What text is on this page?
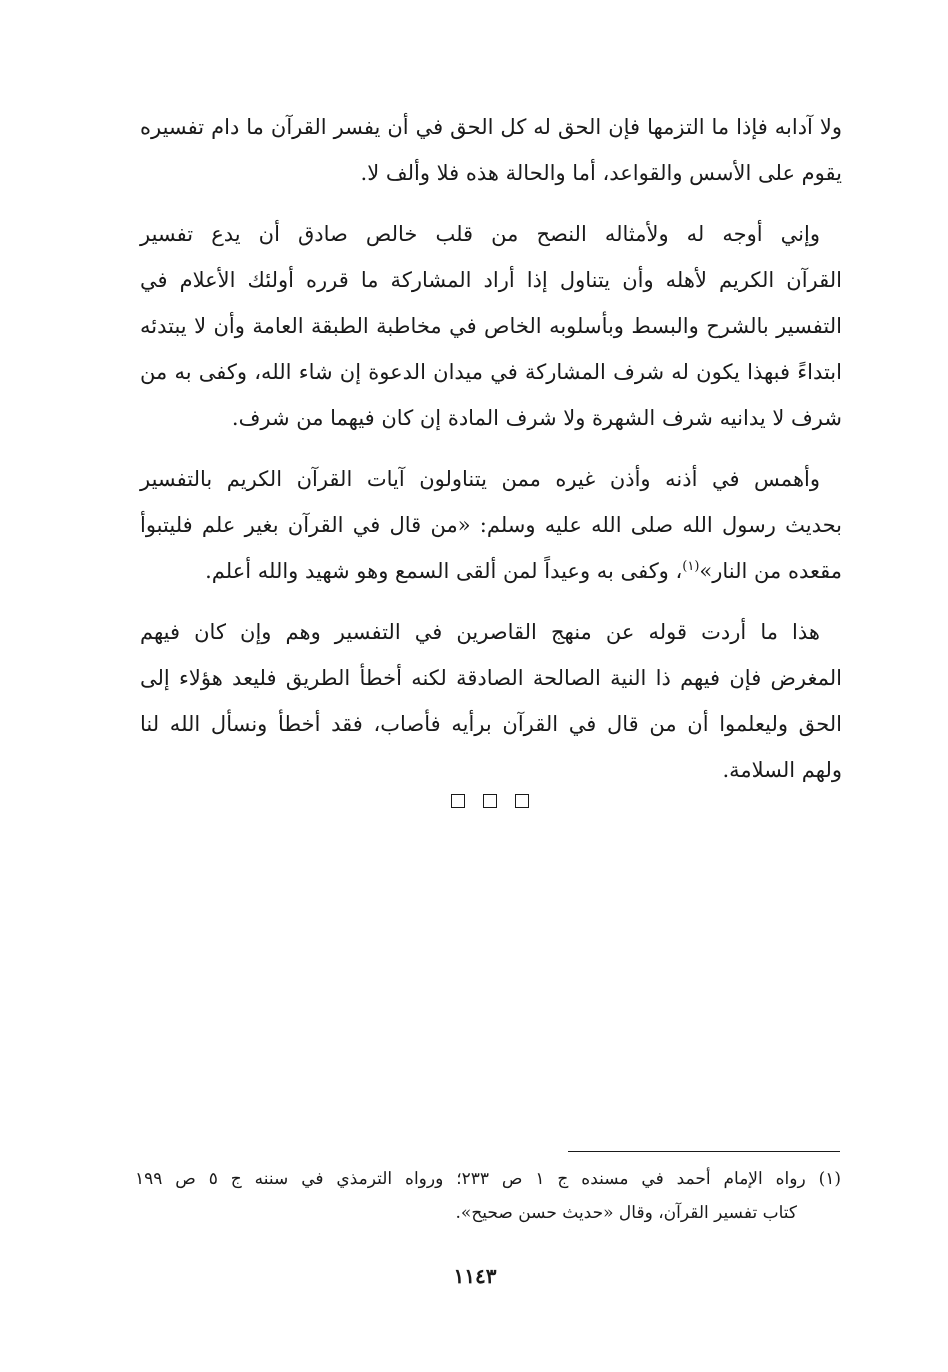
ولا آدابه فإذا ما التزمها فإن الحق له كل الحق في أن يفسر القرآن ما دام تفسيره

يقوم على الأسس والقواعد، أما والحالة هذه فلا وألف لا.

وإني أوجه له ولأمثاله النصح من قلب خالص صادق أن يدع تفسير

القرآن الكريم لأهله وأن يتناول إذا أراد المشاركة ما قرره أولئك الأعلام في

التفسير بالشرح والبسط وبأسلوبه الخاص في مخاطبة الطبقة العامة وأن لا يبتدئه

ابتداءً فبهذا يكون له شرف المشاركة في ميدان الدعوة إن شاء الله، وكفى به من

شرف لا يدانيه شرف الشهرة ولا شرف المادة إن كان فيهما من شرف.

وأهمس في أذنه وأذن غيره ممن يتناولون آيات القرآن الكريم بالتفسير

بحديث رسول الله صلى الله عليه وسلم: «من قال في القرآن بغير علم فليتبوأ

مقعده من النار»$^{(١)}$، وكفى به وعيداً لمن ألقى السمع وهو شهيد والله أعلم.

هذا ما أردت قوله عن منهج القاصرين في التفسير وهم وإن كان فيهم

المغرض فإن فيهم ذا النية الصالحة الصادقة لكنه أخطأ الطريق فليعد هؤلاء إلى

الحق وليعلموا أن من قال في القرآن برأيه فأصاب، فقد أخطأ ونسأل الله لنا

ولهم السلامة.

(١) رواه الإمام أحمد في مسنده ج ١ ص ٢٣٣؛ ورواه الترمذي في سننه ج ٥ ص ١٩٩

كتاب تفسير القرآن، وقال «حديث حسن صحيح».

١١٤٣
